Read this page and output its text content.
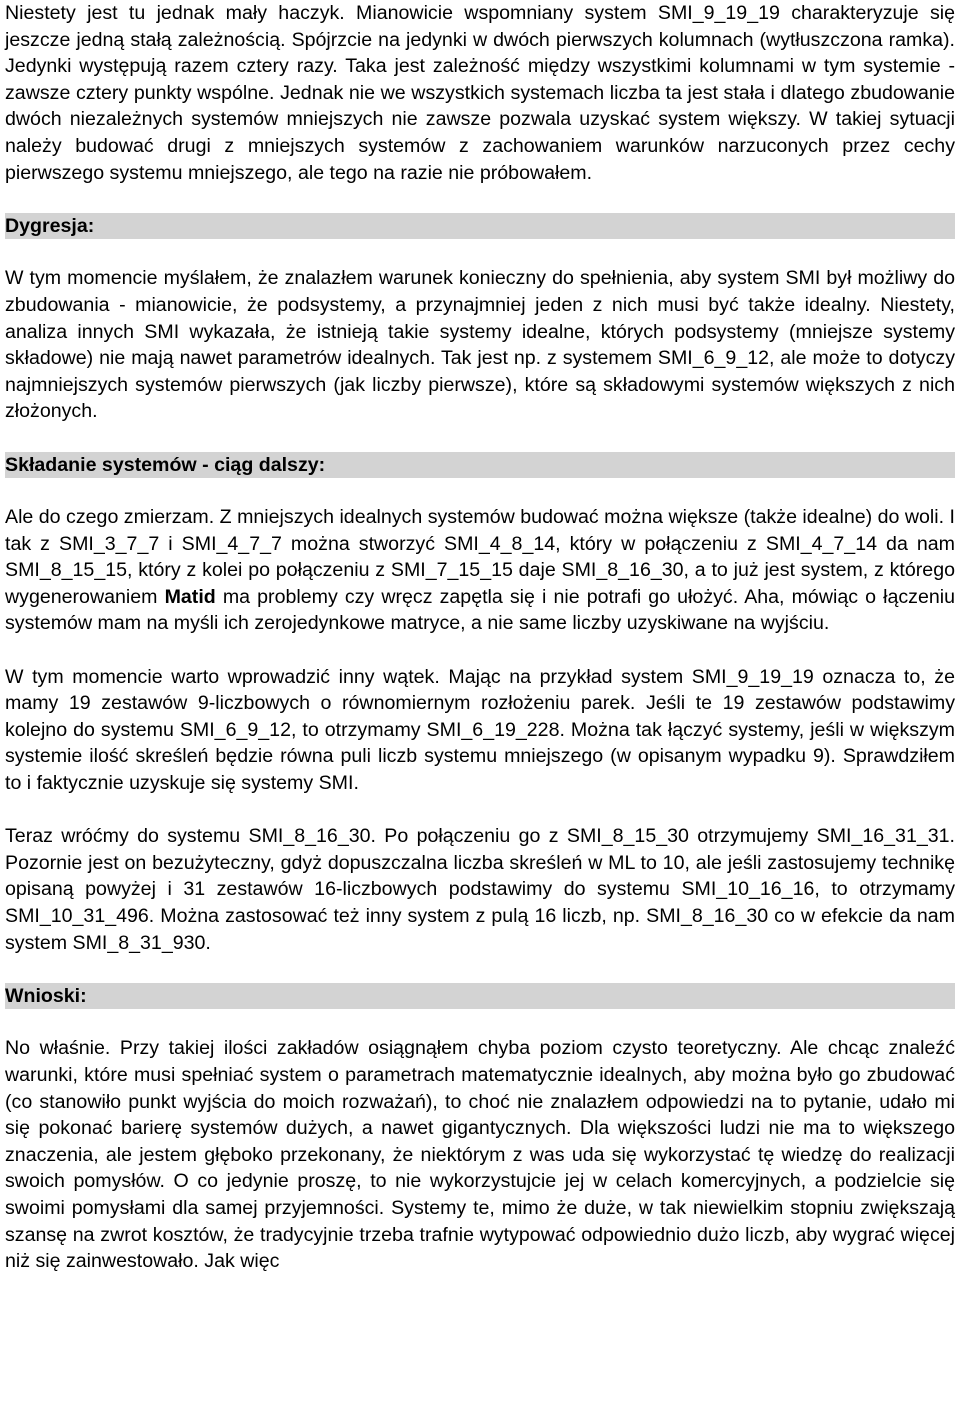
Niestety jest tu jednak mały haczyk. Mianowicie wspomniany system SMI_9_19_19 charakteryzuje się jeszcze jedną stałą zależnością. Spójrzcie na jedynki w dwóch pierwszych kolumnach (wytłuszczona ramka). Jedynki występują razem cztery razy. Taka jest zależność między wszystkimi kolumnami w tym systemie - zawsze cztery punkty wspólne. Jednak nie we wszystkich systemach liczba ta jest stała i dlatego zbudowanie dwóch niezależnych systemów mniejszych nie zawsze pozwala uzyskać system większy. W takiej sytuacji należy budować drugi z mniejszych systemów z zachowaniem warunków narzuconych przez cechy pierwszego systemu mniejszego, ale tego na razie nie próbowałem.

Dygresja:

W tym momencie myślałem, że znalazłem warunek konieczny do spełnienia, aby system SMI był możliwy do zbudowania - mianowicie, że podsystemy, a przynajmniej jeden z nich musi być także idealny. Niestety, analiza innych SMI wykazała, że istnieją takie systemy idealne, których podsystemy (mniejsze systemy składowe) nie mają nawet parametrów idealnych. Tak jest np. z systemem SMI_6_9_12, ale może to dotyczy najmniejszych systemów pierwszych (jak liczby pierwsze), które są składowymi systemów większych z nich złożonych.

Składanie systemów - ciąg dalszy:

Ale do czego zmierzam. Z mniejszych idealnych systemów budować można większe (także idealne) do woli. I tak z SMI_3_7_7 i SMI_4_7_7 można stworzyć SMI_4_8_14, który w połączeniu z SMI_4_7_14 da nam SMI_8_15_15, który z kolei po połączeniu z SMI_7_15_15 daje SMI_8_16_30, a to już jest system, z którego wygenerowaniem Matid ma problemy czy wręcz zapętla się i nie potrafi go ułożyć. Aha, mówiąc o łączeniu systemów mam na myśli ich zerojedynkowe matryce, a nie same liczby uzyskiwane na wyjściu.

W tym momencie warto wprowadzić inny wątek. Mając na przykład system SMI_9_19_19 oznacza to, że mamy 19 zestawów 9-liczbowych o równomiernym rozłożeniu parek. Jeśli te 19 zestawów podstawimy kolejno do systemu SMI_6_9_12, to otrzymamy SMI_6_19_228. Można tak łączyć systemy, jeśli w większym systemie ilość skreśleń będzie równa puli liczb systemu mniejszego (w opisanym wypadku 9). Sprawdziłem to i faktycznie uzyskuje się systemy SMI.

Teraz wróćmy do systemu SMI_8_16_30. Po połączeniu go z SMI_8_15_30 otrzymujemy SMI_16_31_31. Pozornie jest on bezużyteczny, gdyż dopuszczalna liczba skreśleń w ML to 10, ale jeśli zastosujemy technikę opisaną powyżej i 31 zestawów 16-liczbowych podstawimy do systemu SMI_10_16_16, to otrzymamy SMI_10_31_496. Można zastosować też inny system z pulą 16 liczb, np. SMI_8_16_30 co w efekcie da nam system SMI_8_31_930.

Wnioski:

No właśnie. Przy takiej ilości zakładów osiągnąłem chyba poziom czysto teoretyczny. Ale chcąc znaleźć warunki, które musi spełniać system o parametrach matematycznie idealnych, aby można było go zbudować (co stanowiło punkt wyjścia do moich rozważań), to choć nie znalazłem odpowiedzi na to pytanie, udało mi się pokonać barierę systemów dużych, a nawet gigantycznych. Dla większości ludzi nie ma to większego znaczenia, ale jestem głęboko przekonany, że niektórym z was uda się wykorzystać tę wiedzę do realizacji swoich pomysłów. O co jedynie proszę, to nie wykorzystujcie jej w celach komercyjnych, a podzielcie się swoimi pomysłami dla samej przyjemności. Systemy te, mimo że duże, w tak niewielkim stopniu zwiększają szansę na zwrot kosztów, że tradycyjnie trzeba trafnie wytypować odpowiednio dużo liczb, aby wygrać więcej niż się zainwestowało. Jak więc
